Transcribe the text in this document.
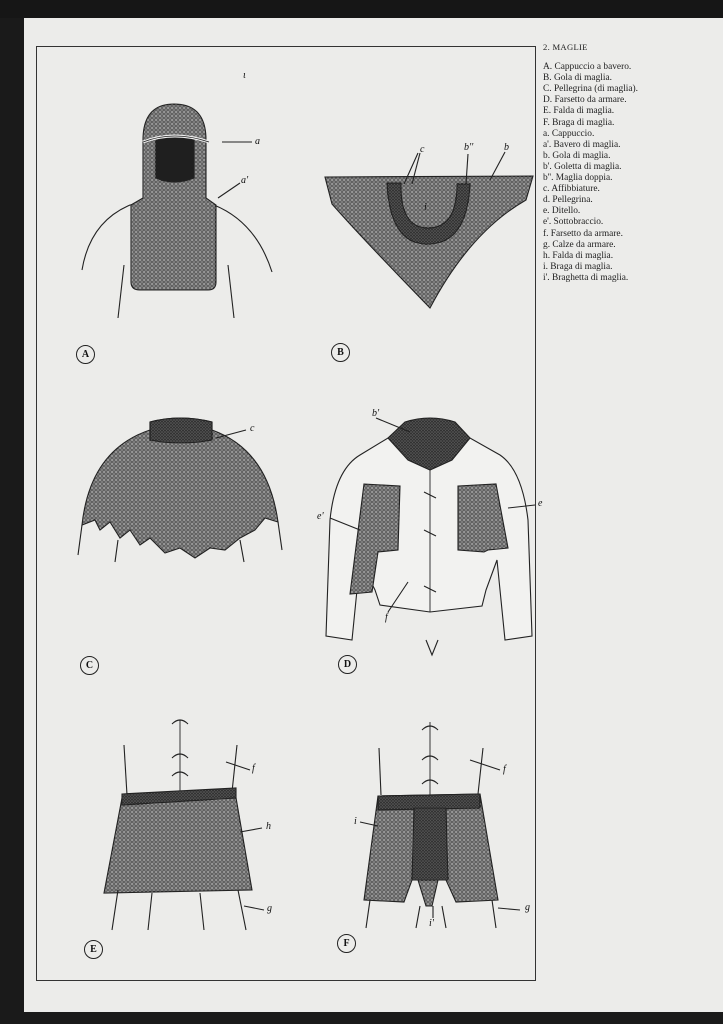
2. MAGLIE
A. Cappuccio a bavero.
B. Gola di maglia.
C. Pellegrina (di maglia).
D. Farsetto da armare.
E. Falda di maglia.
F. Braga di maglia.
a. Cappuccio.
a'. Bavero di maglia.
b. Gola di maglia.
b'. Goletta di maglia.
b''. Maglia doppia.
c. Affibbiature.
d. Pellegrina.
e. Ditello.
e'. Sottobraccio.
f. Farsetto da armare.
g. Calze da armare.
h. Falda di maglia.
i. Braga di maglia.
i'. Braghetta di maglia.
ι
a
a'
c	b''	b
i
c
b'
e
e'
f
f
h
g
f
i
i'
g
A	B
C	D
E
F
